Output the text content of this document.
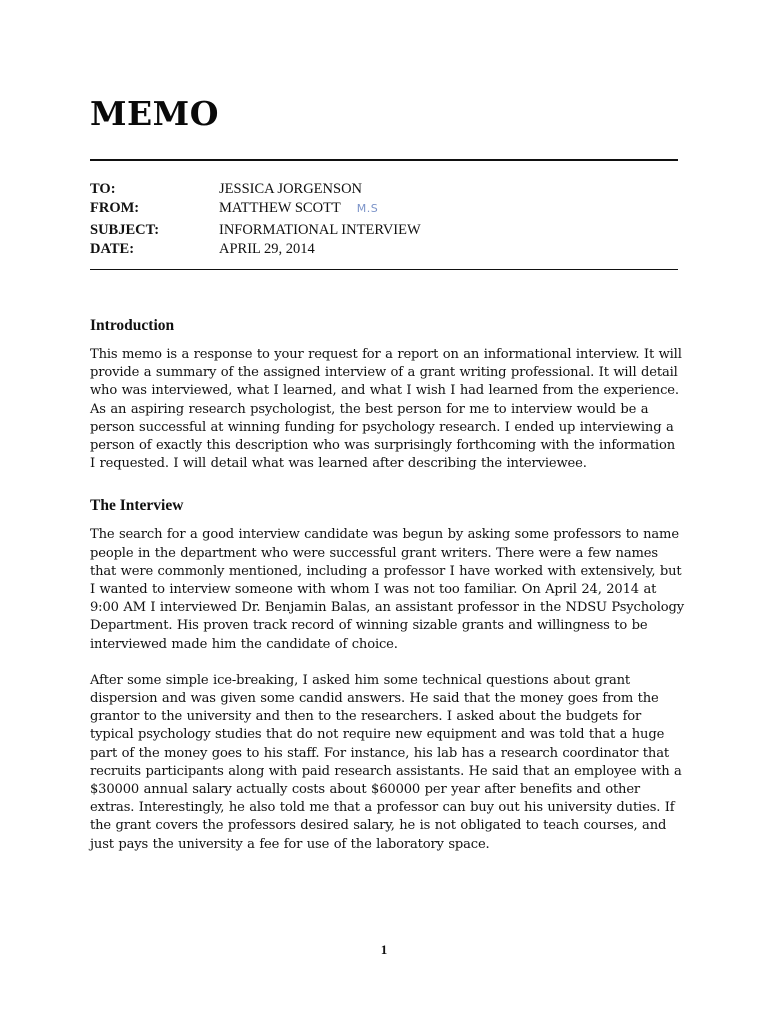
MEMO
TO:	JESSICA JORGENSON
FROM:	MATTHEW SCOTT M.S
SUBJECT:	INFORMATIONAL INTERVIEW
DATE:	APRIL 29, 2014
Introduction

This memo is a response to your request for a report on an informational interview. It will provide a summary of the assigned interview of a grant writing professional. It will detail who was interviewed, what I learned, and what I wish I had learned from the experience. As an aspiring research psychologist, the best person for me to interview would be a person successful at winning funding for psychology research. I ended up interviewing a person of exactly this description who was surprisingly forthcoming with the information I requested. I will detail what was learned after describing the interviewee.

The Interview

The search for a good interview candidate was begun by asking some professors to name people in the department who were successful grant writers. There were a few names that were commonly mentioned, including a professor I have worked with extensively, but I wanted to interview someone with whom I was not too familiar. On April 24, 2014 at 9:00 AM I interviewed Dr. Benjamin Balas, an assistant professor in the NDSU Psychology Department. His proven track record of winning sizable grants and willingness to be interviewed made him the candidate of choice.

After some simple ice-breaking, I asked him some technical questions about grant dispersion and was given some candid answers. He said that the money goes from the grantor to the university and then to the researchers. I asked about the budgets for typical psychology studies that do not require new equipment and was told that a huge part of the money goes to his staff. For instance, his lab has a research coordinator that recruits participants along with paid research assistants. He said that an employee with a $30000 annual salary actually costs about $60000 per year after benefits and other extras. Interestingly, he also told me that a professor can buy out his university duties. If the grant covers the professors desired salary, he is not obligated to teach courses, and just pays the university a fee for use of the laboratory space.

1
